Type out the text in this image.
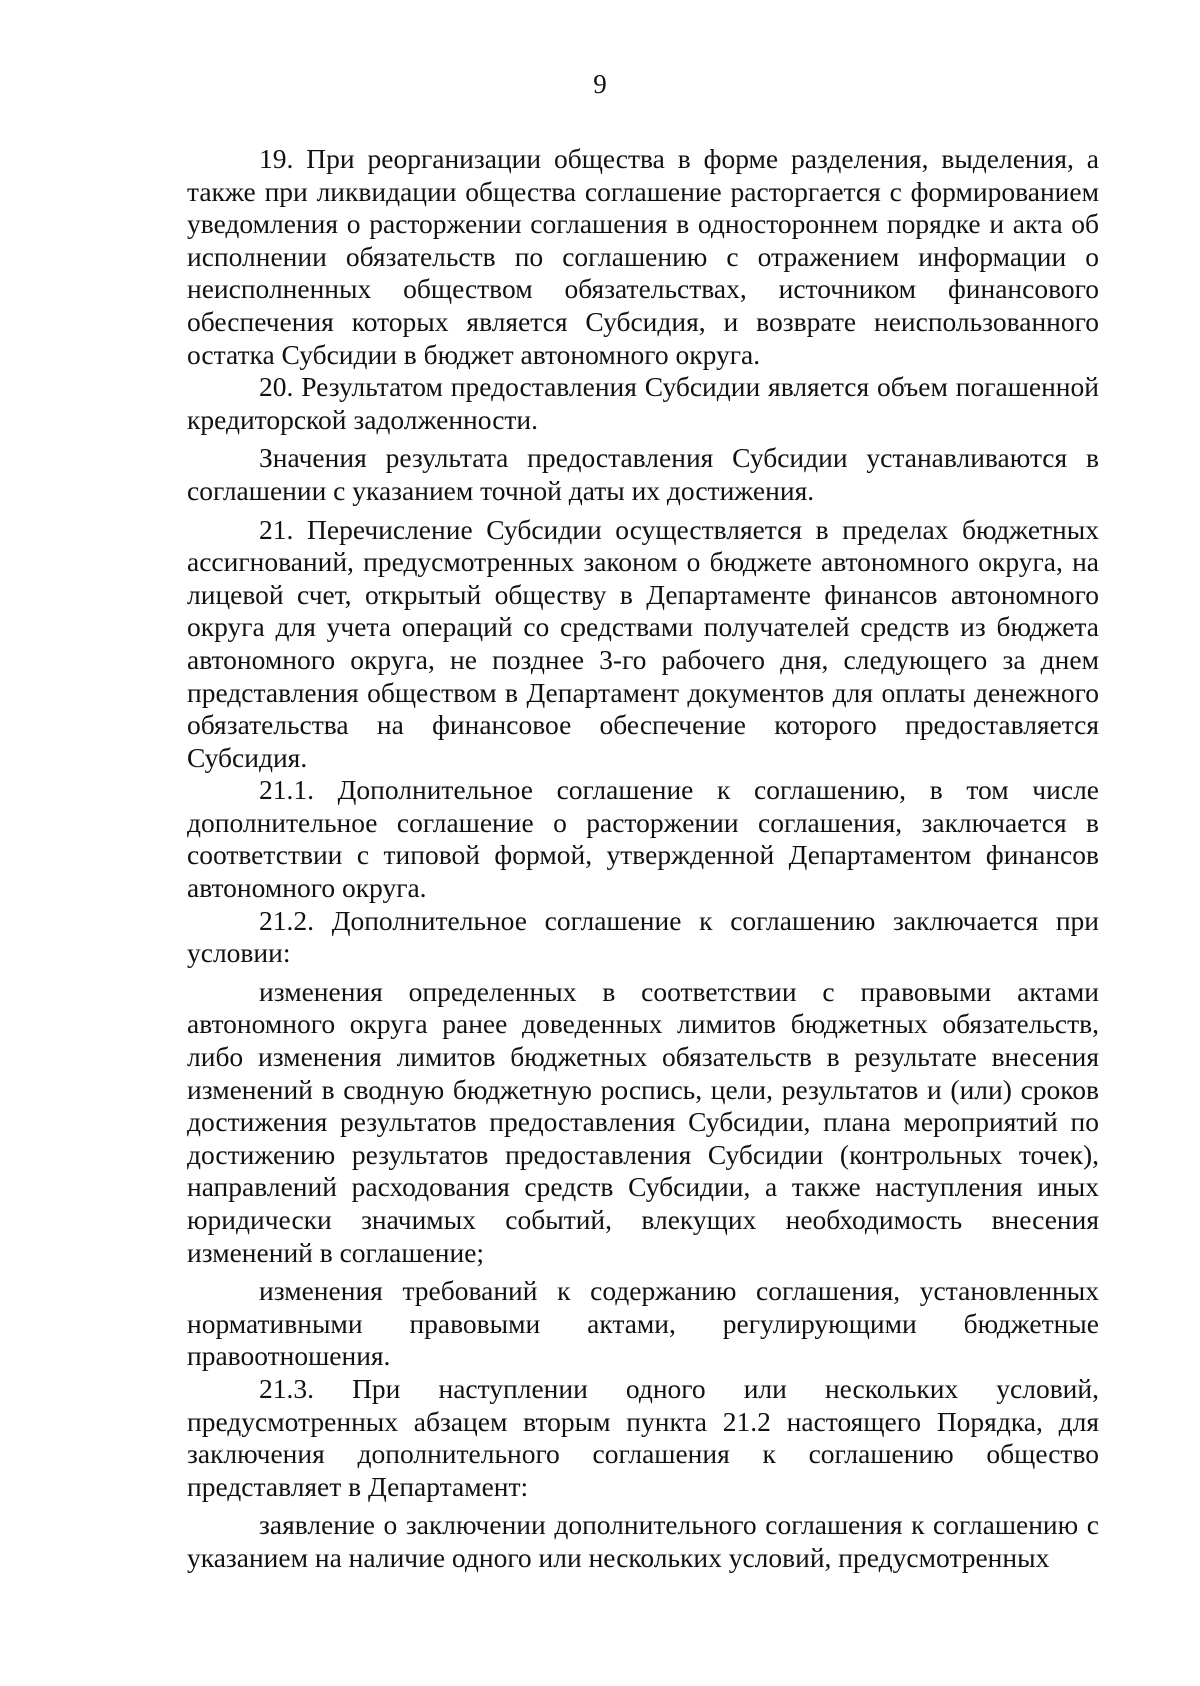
9

19. При реорганизации общества в форме разделения, выделения, а также при ликвидации общества соглашение расторгается с формированием уведомления о расторжении соглашения в одностороннем порядке и акта об исполнении обязательств по соглашению с отражением информации о неисполненных обществом обязательствах, источником финансового обеспечения которых является Субсидия, и возврате неиспользованного остатка Субсидии в бюджет автономного округа.

20. Результатом предоставления Субсидии является объем погашенной кредиторской задолженности.

Значения результата предоставления Субсидии устанавливаются в соглашении с указанием точной даты их достижения.

21. Перечисление Субсидии осуществляется в пределах бюджетных ассигнований, предусмотренных законом о бюджете автономного округа, на лицевой счет, открытый обществу в Департаменте финансов автономного округа для учета операций со средствами получателей средств из бюджета автономного округа, не позднее 3-го рабочего дня, следующего за днем представления обществом в Департамент документов для оплаты денежного обязательства на финансовое обеспечение которого предоставляется Субсидия.

21.1. Дополнительное соглашение к соглашению, в том числе дополнительное соглашение о расторжении соглашения, заключается в соответствии с типовой формой, утвержденной Департаментом финансов автономного округа.

21.2. Дополнительное соглашение к соглашению заключается при условии:

изменения определенных в соответствии с правовыми актами автономного округа ранее доведенных лимитов бюджетных обязательств, либо изменения лимитов бюджетных обязательств в результате внесения изменений в сводную бюджетную роспись, цели, результатов и (или) сроков достижения результатов предоставления Субсидии, плана мероприятий по достижению результатов предоставления Субсидии (контрольных точек), направлений расходования средств Субсидии, а также наступления иных юридически значимых событий, влекущих необходимость внесения изменений в соглашение;

изменения требований к содержанию соглашения, установленных нормативными правовыми актами, регулирующими бюджетные правоотношения.

21.3. При наступлении одного или нескольких условий, предусмотренных абзацем вторым пункта 21.2 настоящего Порядка, для заключения дополнительного соглашения к соглашению общество представляет в Департамент:

заявление о заключении дополнительного соглашения к соглашению с указанием на наличие одного или нескольких условий, предусмотренных
